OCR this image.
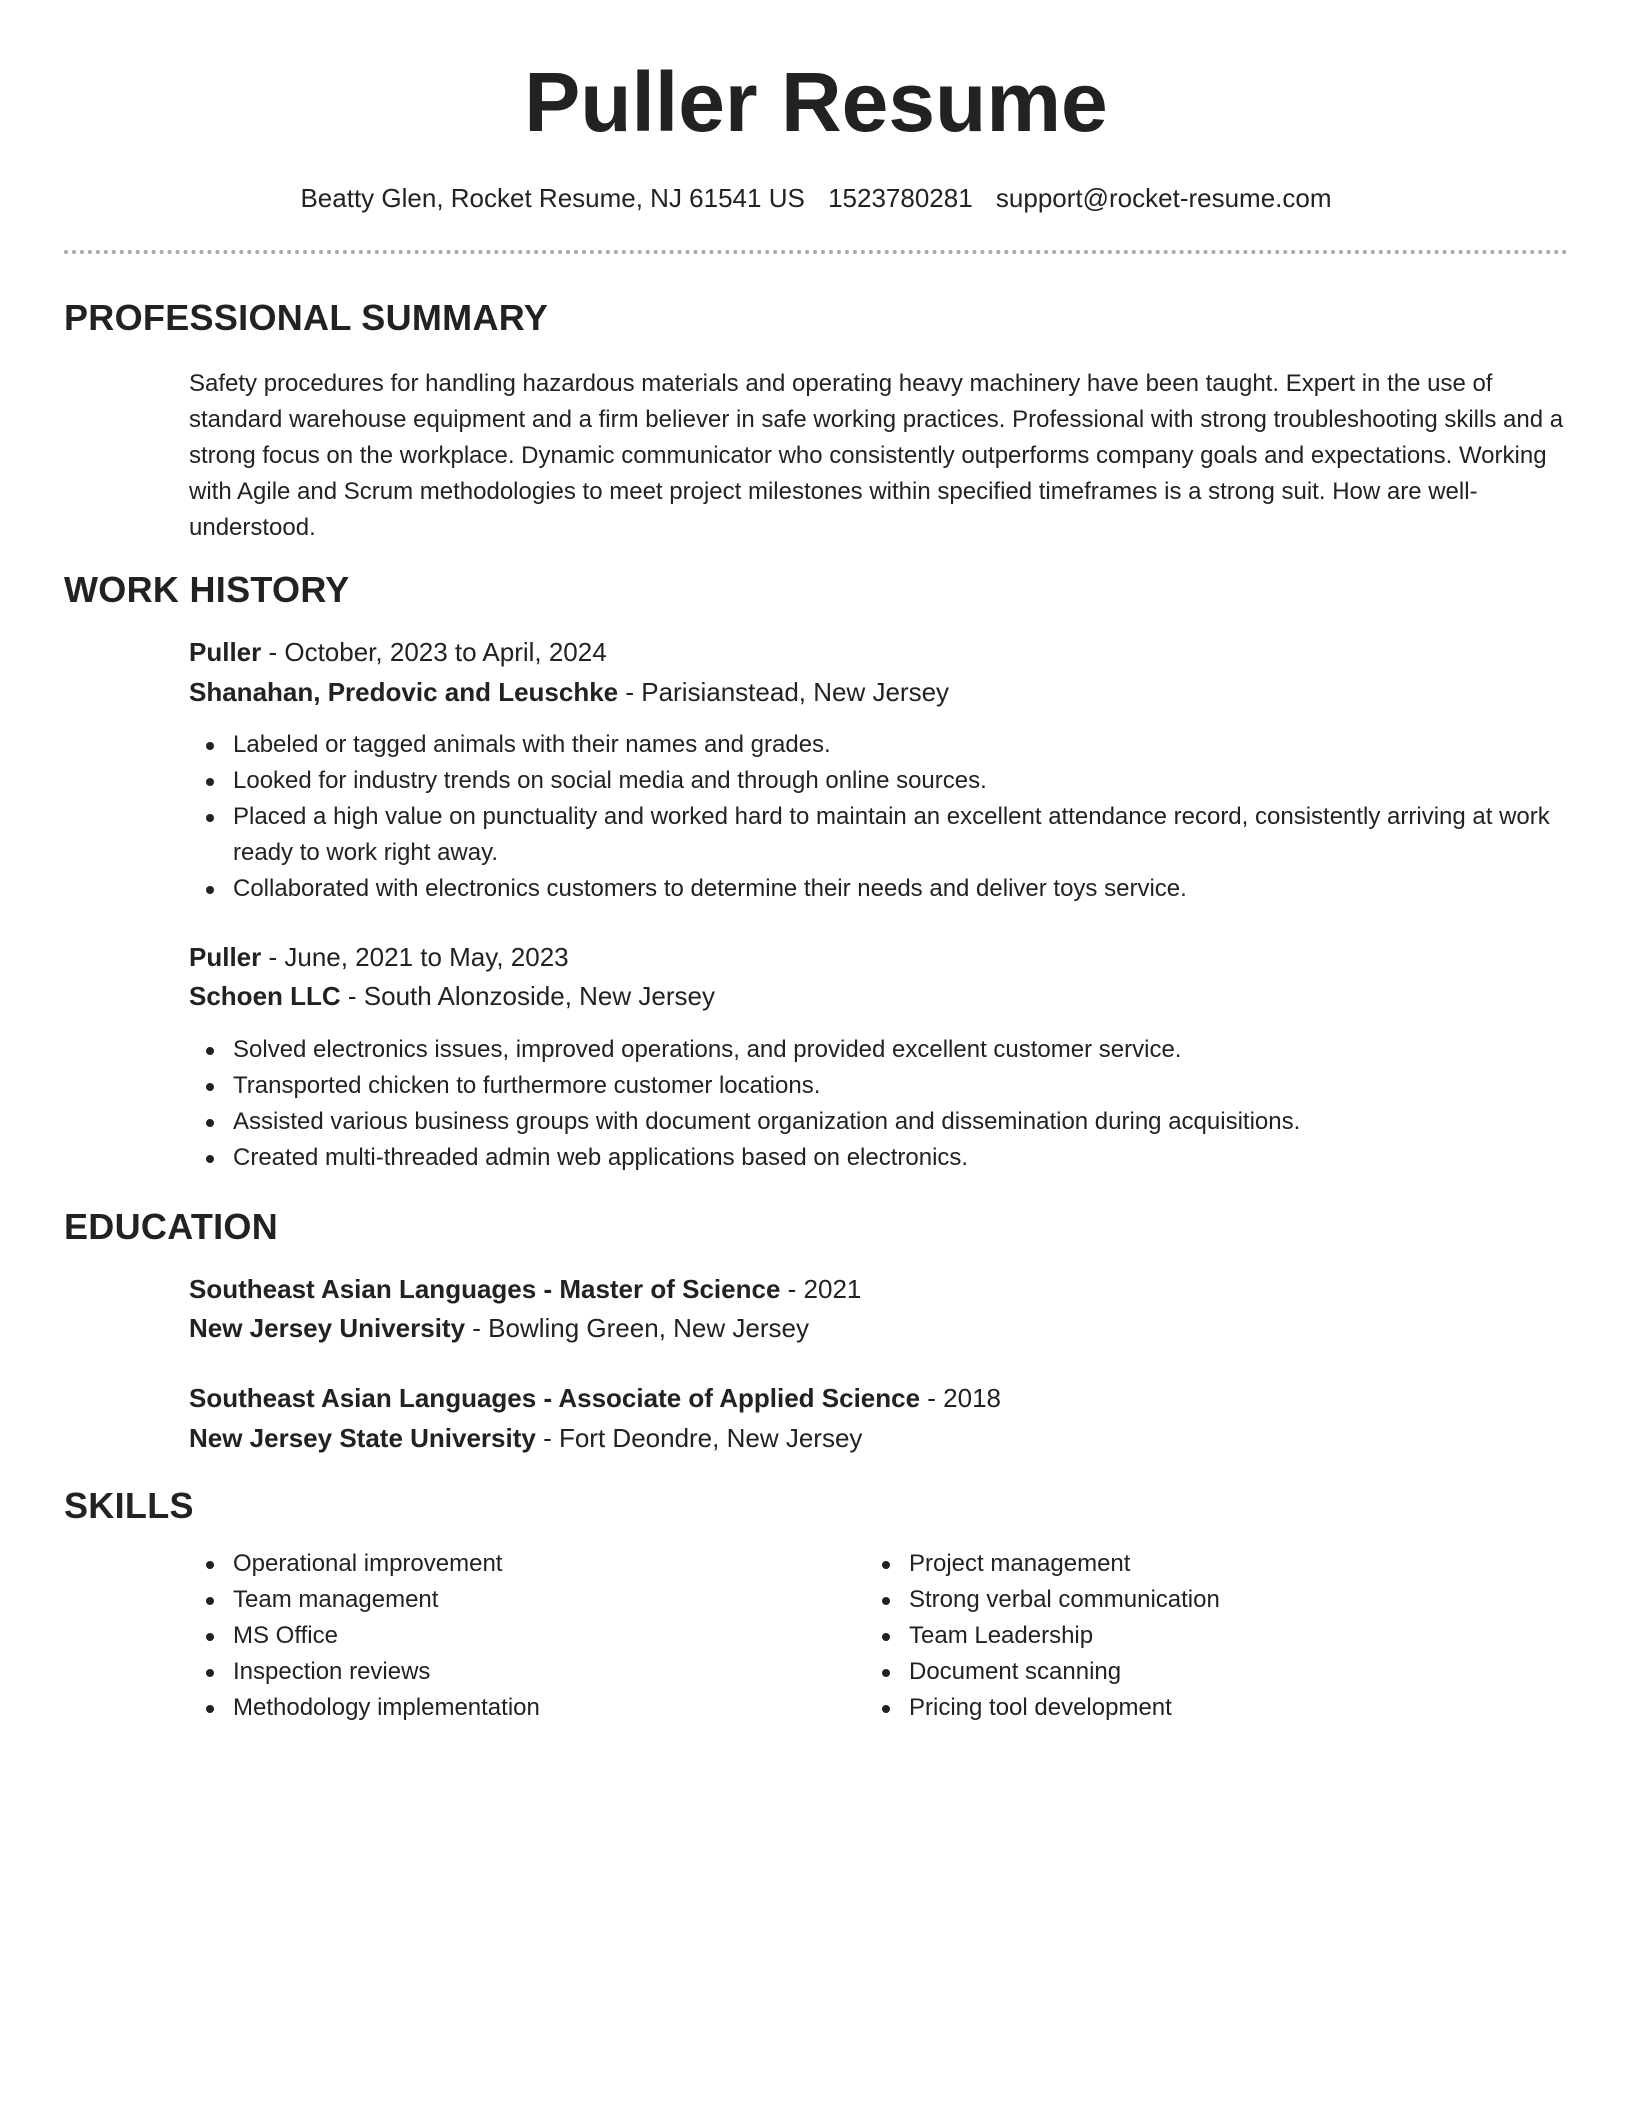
Puller Resume
Beatty Glen, Rocket Resume, NJ 61541 US 1523780281 support@rocket-resume.com
PROFESSIONAL SUMMARY

Safety procedures for handling hazardous materials and operating heavy machinery have been taught. Expert in the use of standard warehouse equipment and a firm believer in safe working practices. Professional with strong troubleshooting skills and a strong focus on the workplace. Dynamic communicator who consistently outperforms company goals and expectations. Working with Agile and Scrum methodologies to meet project milestones within specified timeframes is a strong suit. How are well-understood.

WORK HISTORY
Puller - October, 2023 to April, 2024
Shanahan, Predovic and Leuschke - Parisianstead, New Jersey
Labeled or tagged animals with their names and grades.
Looked for industry trends on social media and through online sources.
Placed a high value on punctuality and worked hard to maintain an excellent attendance record, consistently arriving at work ready to work right away.
Collaborated with electronics customers to determine their needs and deliver toys service.
Puller - June, 2021 to May, 2023
Schoen LLC - South Alonzoside, New Jersey
Solved electronics issues, improved operations, and provided excellent customer service.
Transported chicken to furthermore customer locations.
Assisted various business groups with document organization and dissemination during acquisitions.
Created multi-threaded admin web applications based on electronics.
EDUCATION
Southeast Asian Languages - Master of Science - 2021
New Jersey University - Bowling Green, New Jersey
Southeast Asian Languages - Associate of Applied Science - 2018
New Jersey State University - Fort Deondre, New Jersey
SKILLS
Operational improvement
Team management
MS Office
Inspection reviews
Methodology implementation
Project management
Strong verbal communication
Team Leadership
Document scanning
Pricing tool development
